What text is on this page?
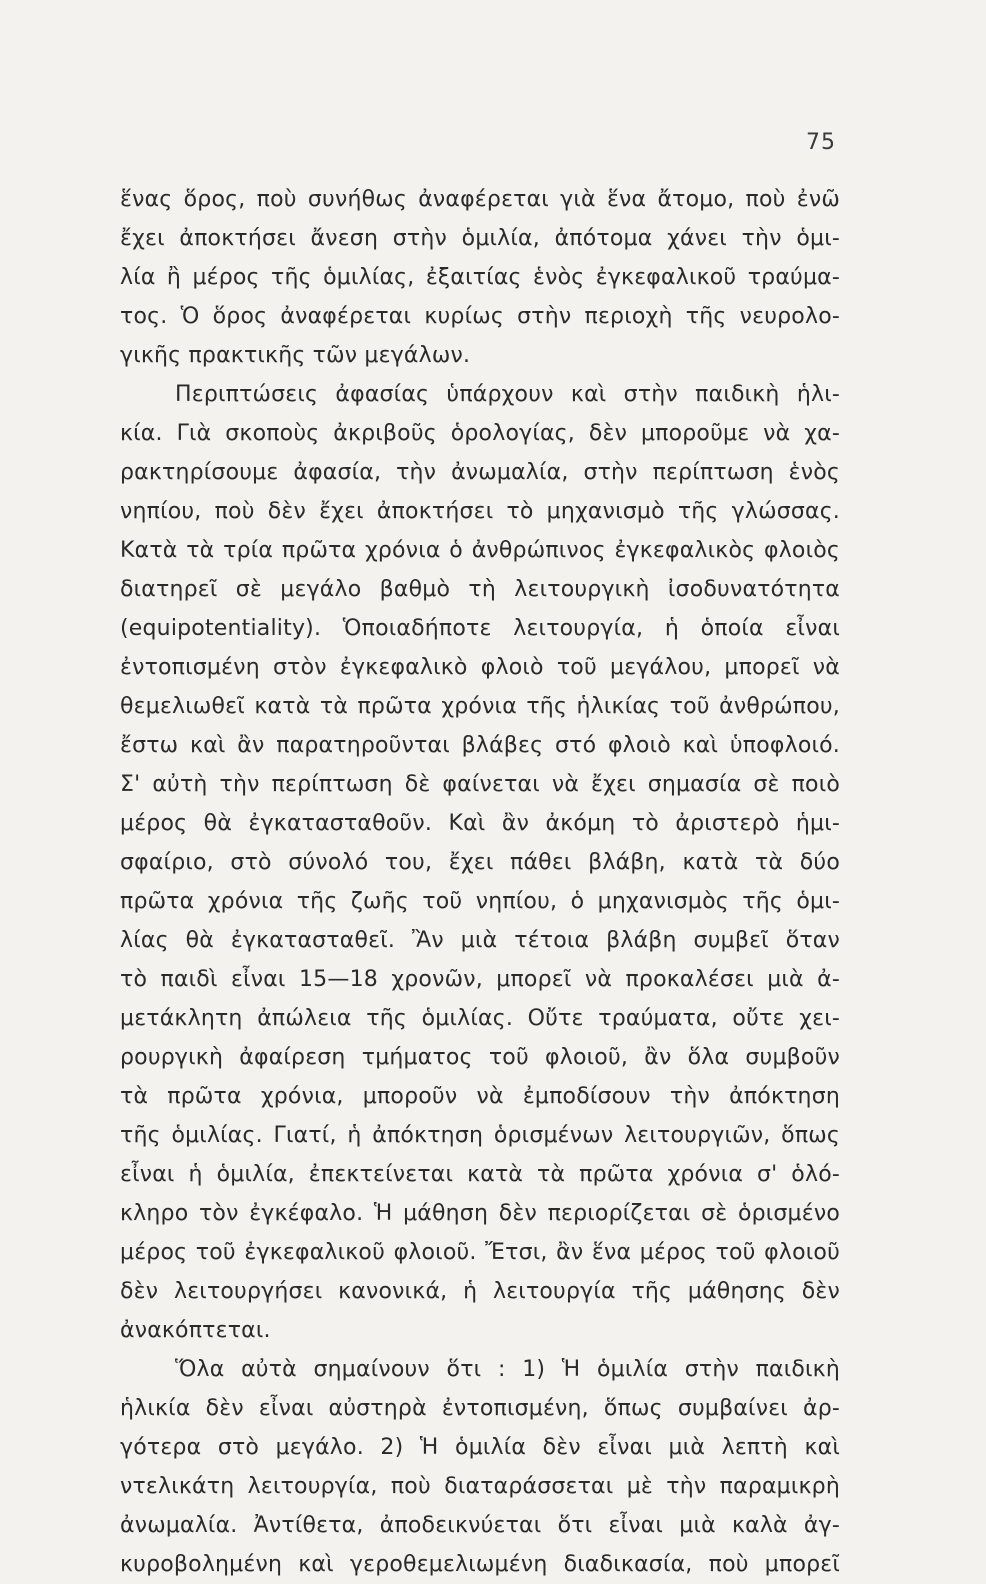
75
ἕνας ὅρος, ποὺ συνήθως ἀναφέρεται γιὰ ἕνα ἄτομο, ποὺ ἐνῶ
ἔχει ἀποκτήσει ἄνεση στὴν ὁμιλία, ἀπότομα χάνει τὴν ὁμι-
λία ἢ μέρος τῆς ὁμιλίας, ἐξαιτίας ἑνὸς ἐγκεφαλικοῦ τραύμα-
τος. Ὁ ὅρος ἀναφέρεται κυρίως στὴν περιοχὴ τῆς νευρολο-
γικῆς πρακτικῆς τῶν μεγάλων.
Περιπτώσεις ἀφασίας ὑπάρχουν καὶ στὴν παιδικὴ ἡλι-
κία. Γιὰ σκοποὺς ἀκριβοῦς ὁρολογίας, δὲν μποροῦμε νὰ χα-
ρακτηρίσουμε ἀφασία, τὴν ἀνωμαλία, στὴν περίπτωση ἑνὸς
νηπίου, ποὺ δὲν ἔχει ἀποκτήσει τὸ μηχανισμὸ τῆς γλώσσας.
Κατὰ τὰ τρία πρῶτα χρόνια ὁ ἀνθρώπινος ἐγκεφαλικὸς φλοιὸς
διατηρεῖ σὲ μεγάλο βαθμὸ τὴ λειτουργικὴ ἰσοδυνατότητα
(equipotentiality). Ὁποιαδήποτε λειτουργία, ἡ ὁποία εἶναι
ἐντοπισμένη στὸν ἐγκεφαλικὸ φλοιὸ τοῦ μεγάλου, μπορεῖ νὰ
θεμελιωθεῖ κατὰ τὰ πρῶτα χρόνια τῆς ἡλικίας τοῦ ἀνθρώπου,
ἔστω καὶ ἂν παρατηροῦνται βλάβες στό φλοιὸ καὶ ὑποφλοιό.
Σ' αὐτὴ τὴν περίπτωση δὲ φαίνεται νὰ ἔχει σημασία σὲ ποιὸ
μέρος θὰ ἐγκατασταθοῦν. Καὶ ἂν ἀκόμη τὸ ἀριστερὸ ἡμι-
σφαίριο, στὸ σύνολό του, ἔχει πάθει βλάβη, κατὰ τὰ δύο
πρῶτα χρόνια τῆς ζωῆς τοῦ νηπίου, ὁ μηχανισμὸς τῆς ὁμι-
λίας θὰ ἐγκατασταθεῖ. Ἂν μιὰ τέτοια βλάβη συμβεῖ ὅταν
τὸ παιδὶ εἶναι 15—18 χρονῶν, μπορεῖ νὰ προκαλέσει μιὰ ἀ-
μετάκλητη ἀπώλεια τῆς ὁμιλίας. Οὔτε τραύματα, οὔτε χει-
ρουργικὴ ἀφαίρεση τμήματος τοῦ φλοιοῦ, ἂν ὅλα συμβοῦν
τὰ πρῶτα χρόνια, μποροῦν νὰ ἐμποδίσουν τὴν ἀπόκτηση
τῆς ὁμιλίας. Γιατί, ἡ ἀπόκτηση ὁρισμένων λειτουργιῶν, ὅπως
εἶναι ἡ ὁμιλία, ἐπεκτείνεται κατὰ τὰ πρῶτα χρόνια σ' ὁλό-
κληρο τὸν ἐγκέφαλο. Ἡ μάθηση δὲν περιορίζεται σὲ ὁρισμένο
μέρος τοῦ ἐγκεφαλικοῦ φλοιοῦ. Ἔτσι, ἂν ἕνα μέρος τοῦ φλοιοῦ
δὲν λειτουργήσει κανονικά, ἡ λειτουργία τῆς μάθησης δὲν
ἀνακόπτεται.
Ὅλα αὐτὰ σημαίνουν ὅτι : 1) Ἡ ὁμιλία στὴν παιδικὴ
ἡλικία δὲν εἶναι αὐστηρὰ ἐντοπισμένη, ὅπως συμβαίνει ἀρ-
γότερα στὸ μεγάλο. 2) Ἡ ὁμιλία δὲν εἶναι μιὰ λεπτὴ καὶ
ντελικάτη λειτουργία, ποὺ διαταράσσεται μὲ τὴν παραμικρὴ
ἀνωμαλία. Ἀντίθετα, ἀποδεικνύεται ὅτι εἶναι μιὰ καλὰ ἀγ-
κυροβολημένη καὶ γεροθεμελιωμένη διαδικασία, ποὺ μπορεῖ
